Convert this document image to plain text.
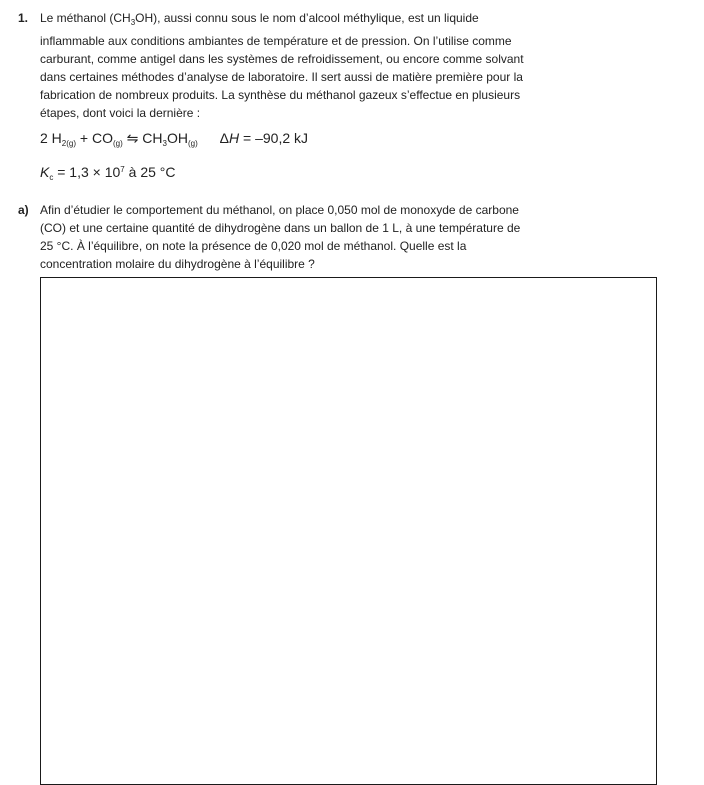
1. Le méthanol $(CH_3OH)$, aussi connu sous le nom d’alcool méthylique, est un liquide
inflammable aux conditions ambiantes de température et de pression. On l’utilise comme
carburant, comme antigel dans les systèmes de refroidissement, ou encore comme solvant
dans certaines méthodes d’analyse de laboratoire. Il sert aussi de matière première pour la
fabrication de nombreux produits. La synthèse du méthanol gazeux s’effectue en plusieurs
étapes, dont voici la dernière :
2 $H_{2(g)} + CO_{(g)}$ ⇋ $CH_3OH_{(g)}$ ΔH = –90,2 kJ
$K_c = 1,3 \times 10^7$ à 25 °C
a) Afin d’étudier le comportement du méthanol, on place 0,050 mol de monoxyde de carbone
(CO) et une certaine quantité de dihydrogène dans un ballon de 1 L, à une température de
25 °C. À l’équilibre, on note la présence de 0,020 mol de méthanol. Quelle est la
concentration molaire du dihydrogène à l’équilibre ?
